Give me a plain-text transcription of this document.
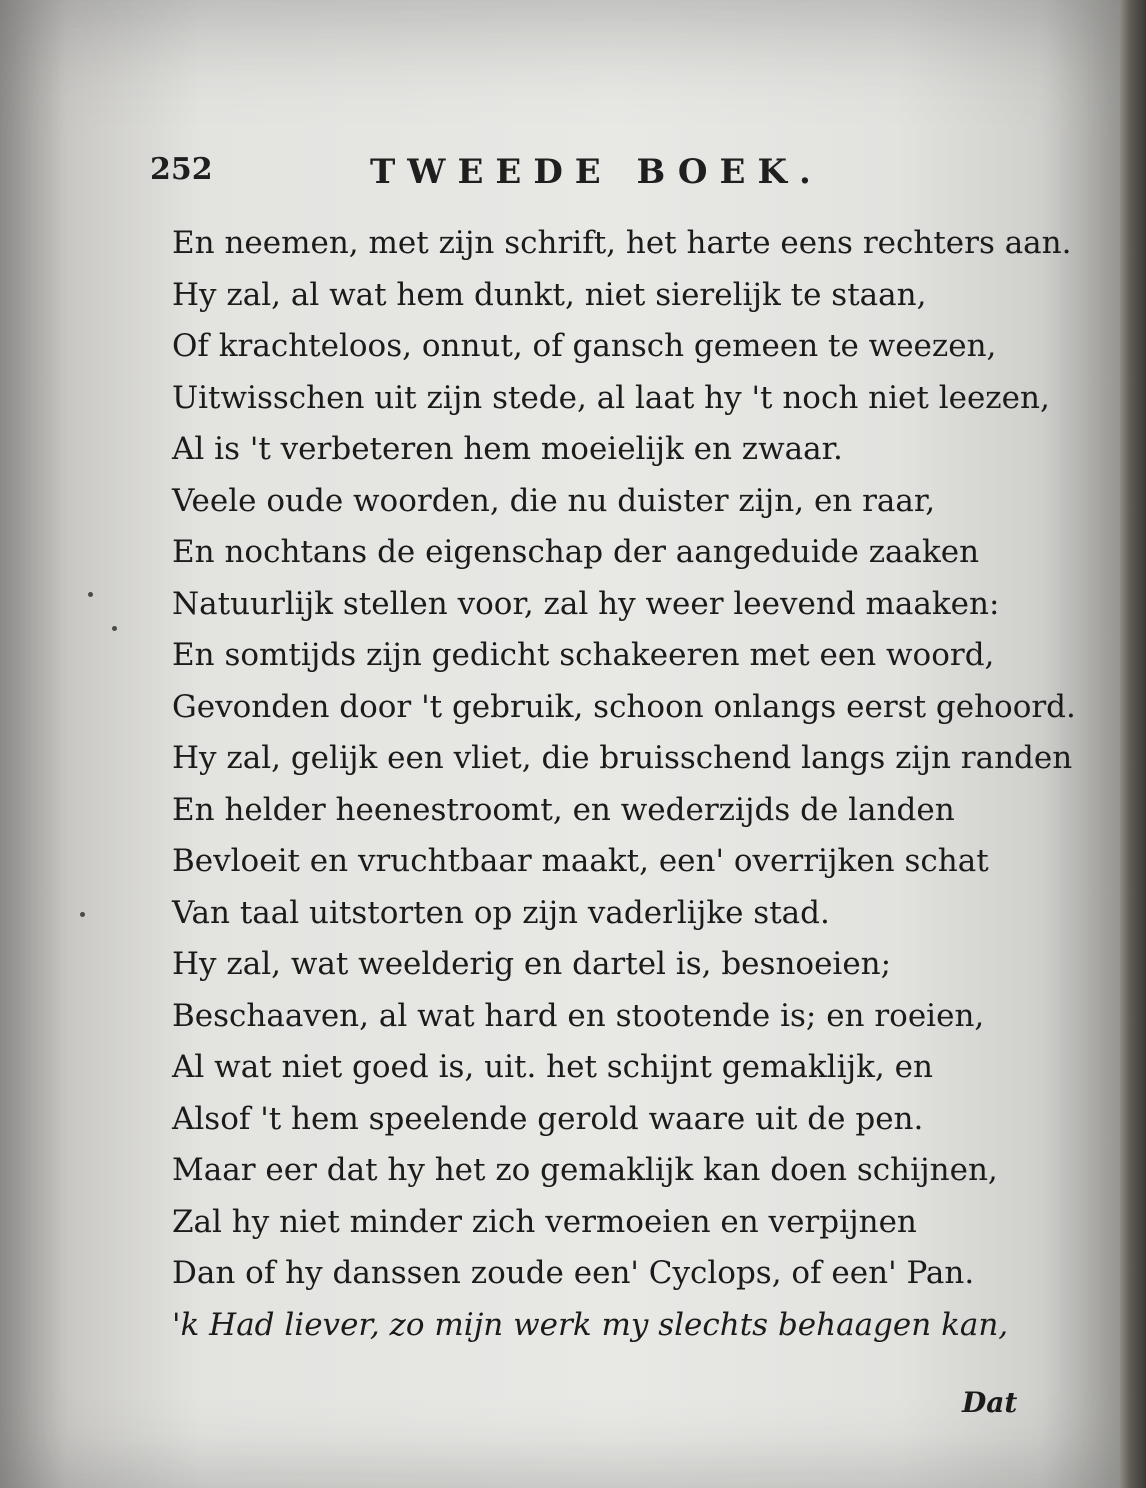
252	TWEEDE BOEK.
En neemen, met zijn schrift, het harte eens rechters aan.
Hy zal, al wat hem dunkt, niet sierelijk te staan,
Of krachteloos, onnut, of gansch gemeen te weezen,
Uitwisschen uit zijn stede, al laat hy 't noch niet leezen,
Al is 't verbeteren hem moeielijk en zwaar.
Veele oude woorden, die nu duister zijn, en raar,
En nochtans de eigenschap der aangeduide zaaken
Natuurlijk stellen voor, zal hy weer leevend maaken:
En somtijds zijn gedicht schakeeren met een woord,
Gevonden door 't gebruik, schoon onlangs eerst gehoord.
Hy zal, gelijk een vliet, die bruisschend langs zijn randen
En helder heenestroomt, en wederzijds de landen
Bevloeit en vruchtbaar maakt, een' overrijken schat
Van taal uitstorten op zijn vaderlijke stad.
Hy zal, wat weelderig en dartel is, besnoeien;
Beschaaven, al wat hard en stootende is; en roeien,
Al wat niet goed is, uit. het schijnt gemaklijk, en
Alsof 't hem speelende gerold waare uit de pen.
Maar eer dat hy het zo gemaklijk kan doen schijnen,
Zal hy niet minder zich vermoeien en verpijnen
Dan of hy danssen zoude een' Cyclops, of een' Pan.
'k Had liever, zo mijn werk my slechts behaagen kan,
Dat
